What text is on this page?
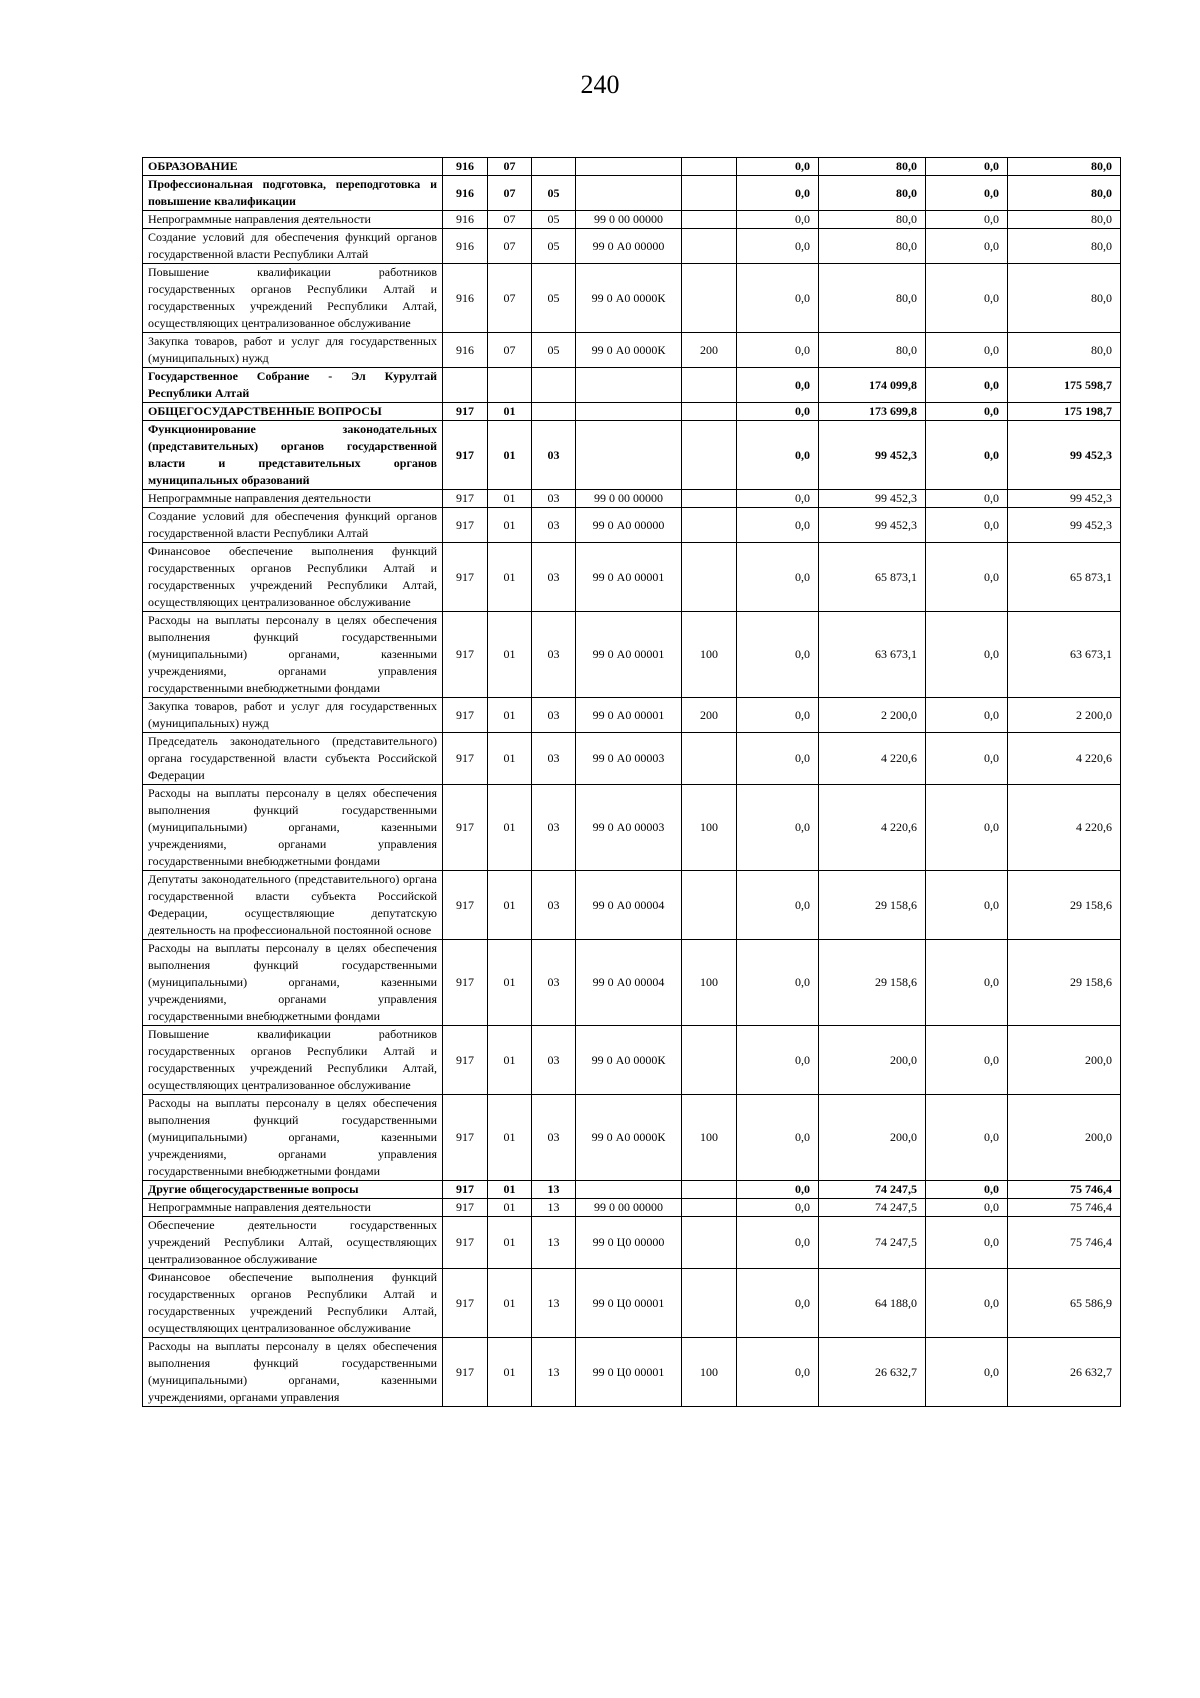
240
ОБРАЗОВАНИЕ	916	07				0,0	80,0	0,0	80,0
Профессиональная подготовка, переподготовка и повышение квалификации	916	07	05			0,0	80,0	0,0	80,0
Непрограммные направления деятельности	916	07	05	99 0 00 00000		0,0	80,0	0,0	80,0
Создание условий для обеспечения функций органов государственной власти Республики Алтай	916	07	05	99 0 А0 00000		0,0	80,0	0,0	80,0
Повышение квалификации работников государственных органов Республики Алтай и государственных учреждений Республики Алтай, осуществляющих централизованное обслуживание	916	07	05	99 0 А0 0000К		0,0	80,0	0,0	80,0
Закупка товаров, работ и услуг для государственных (муниципальных) нужд	916	07	05	99 0 А0 0000К	200	0,0	80,0	0,0	80,0
Государственное Собрание - Эл Курултай Республики Алтай						0,0	174 099,8	0,0	175 598,7
ОБЩЕГОСУДАРСТВЕННЫЕ ВОПРОСЫ	917	01				0,0	173 699,8	0,0	175 198,7
Функционирование законодательных (представительных) органов государственной власти и представительных органов муниципальных образований	917	01	03			0,0	99 452,3	0,0	99 452,3
Непрограммные направления деятельности	917	01	03	99 0 00 00000		0,0	99 452,3	0,0	99 452,3
Создание условий для обеспечения функций органов государственной власти Республики Алтай	917	01	03	99 0 А0 00000		0,0	99 452,3	0,0	99 452,3
Финансовое обеспечение выполнения функций государственных органов Республики Алтай и государственных учреждений Республики Алтай, осуществляющих централизованное обслуживание	917	01	03	99 0 А0 00001		0,0	65 873,1	0,0	65 873,1
Расходы на выплаты персоналу в целях обеспечения выполнения функций государственными (муниципальными) органами, казенными учреждениями, органами управления государственными внебюджетными фондами	917	01	03	99 0 А0 00001	100	0,0	63 673,1	0,0	63 673,1
Закупка товаров, работ и услуг для государственных (муниципальных) нужд	917	01	03	99 0 А0 00001	200	0,0	2 200,0	0,0	2 200,0
Председатель законодательного (представительного) органа государственной власти субъекта Российской Федерации	917	01	03	99 0 А0 00003		0,0	4 220,6	0,0	4 220,6
Расходы на выплаты персоналу в целях обеспечения выполнения функций государственными (муниципальными) органами, казенными учреждениями, органами управления государственными внебюджетными фондами	917	01	03	99 0 А0 00003	100	0,0	4 220,6	0,0	4 220,6
Депутаты законодательного (представительного) органа государственной власти субъекта Российской Федерации, осуществляющие депутатскую деятельность на профессиональной постоянной основе	917	01	03	99 0 А0 00004		0,0	29 158,6	0,0	29 158,6
Расходы на выплаты персоналу в целях обеспечения выполнения функций государственными (муниципальными) органами, казенными учреждениями, органами управления государственными внебюджетными фондами	917	01	03	99 0 А0 00004	100	0,0	29 158,6	0,0	29 158,6
Повышение квалификации работников государственных органов Республики Алтай и государственных учреждений Республики Алтай, осуществляющих централизованное обслуживание	917	01	03	99 0 А0 0000К		0,0	200,0	0,0	200,0
Расходы на выплаты персоналу в целях обеспечения выполнения функций государственными (муниципальными) органами, казенными учреждениями, органами управления государственными внебюджетными фондами	917	01	03	99 0 А0 0000К	100	0,0	200,0	0,0	200,0
Другие общегосударственные вопросы	917	01	13			0,0	74 247,5	0,0	75 746,4
Непрограммные направления деятельности	917	01	13	99 0 00 00000		0,0	74 247,5	0,0	75 746,4
Обеспечение деятельности государственных учреждений Республики Алтай, осуществляющих централизованное обслуживание	917	01	13	99 0 Ц0 00000		0,0	74 247,5	0,0	75 746,4
Финансовое обеспечение выполнения функций государственных органов Республики Алтай и государственных учреждений Республики Алтай, осуществляющих централизованное обслуживание	917	01	13	99 0 Ц0 00001		0,0	64 188,0	0,0	65 586,9
Расходы на выплаты персоналу в целях обеспечения выполнения функций государственными (муниципальными) органами, казенными учреждениями, органами управления	917	01	13	99 0 Ц0 00001	100	0,0	26 632,7	0,0	26 632,7
